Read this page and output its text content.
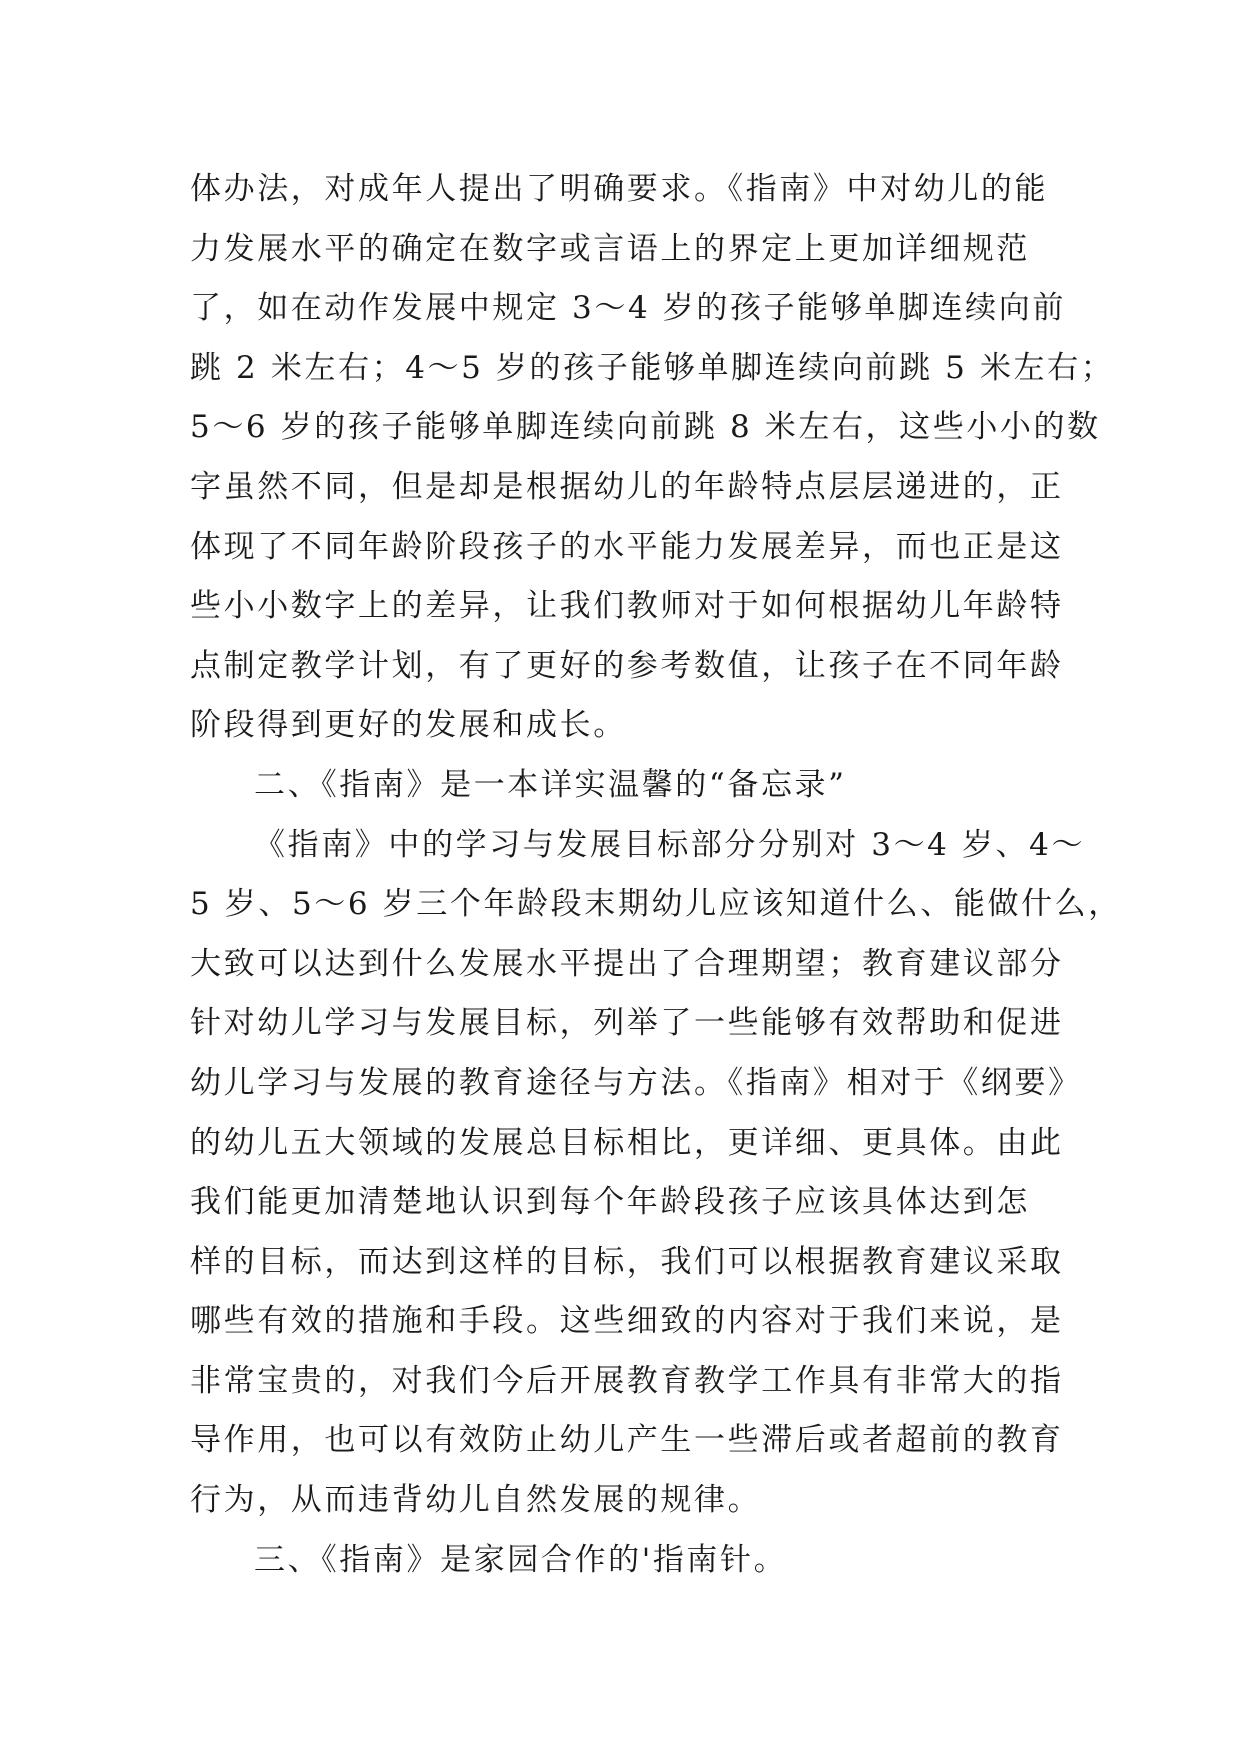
体办法，对成年人提出了明确要求。《指南》中对幼儿的能
力发展水平的确定在数字或言语上的界定上更加详细规范
了，如在动作发展中规定 3～4 岁的孩子能够单脚连续向前
跳 2 米左右；4～5 岁的孩子能够单脚连续向前跳 5 米左右；
5～6 岁的孩子能够单脚连续向前跳 8 米左右，这些小小的数
字虽然不同，但是却是根据幼儿的年龄特点层层递进的，正
体现了不同年龄阶段孩子的水平能力发展差异，而也正是这
些小小数字上的差异，让我们教师对于如何根据幼儿年龄特
点制定教学计划，有了更好的参考数值，让孩子在不同年龄
阶段得到更好的发展和成长。
二、《指南》是一本详实温馨的“备忘录”
《指南》中的学习与发展目标部分分别对 3～4 岁、4～
5 岁、5～6 岁三个年龄段末期幼儿应该知道什么、能做什么，
大致可以达到什么发展水平提出了合理期望；教育建议部分
针对幼儿学习与发展目标，列举了一些能够有效帮助和促进
幼儿学习与发展的教育途径与方法。《指南》相对于《纲要》
的幼儿五大领域的发展总目标相比，更详细、更具体。由此
我们能更加清楚地认识到每个年龄段孩子应该具体达到怎
样的目标，而达到这样的目标，我们可以根据教育建议采取
哪些有效的措施和手段。这些细致的内容对于我们来说，是
非常宝贵的，对我们今后开展教育教学工作具有非常大的指
导作用，也可以有效防止幼儿产生一些滞后或者超前的教育
行为，从而违背幼儿自然发展的规律。
三、《指南》是家园合作的'指南针。
